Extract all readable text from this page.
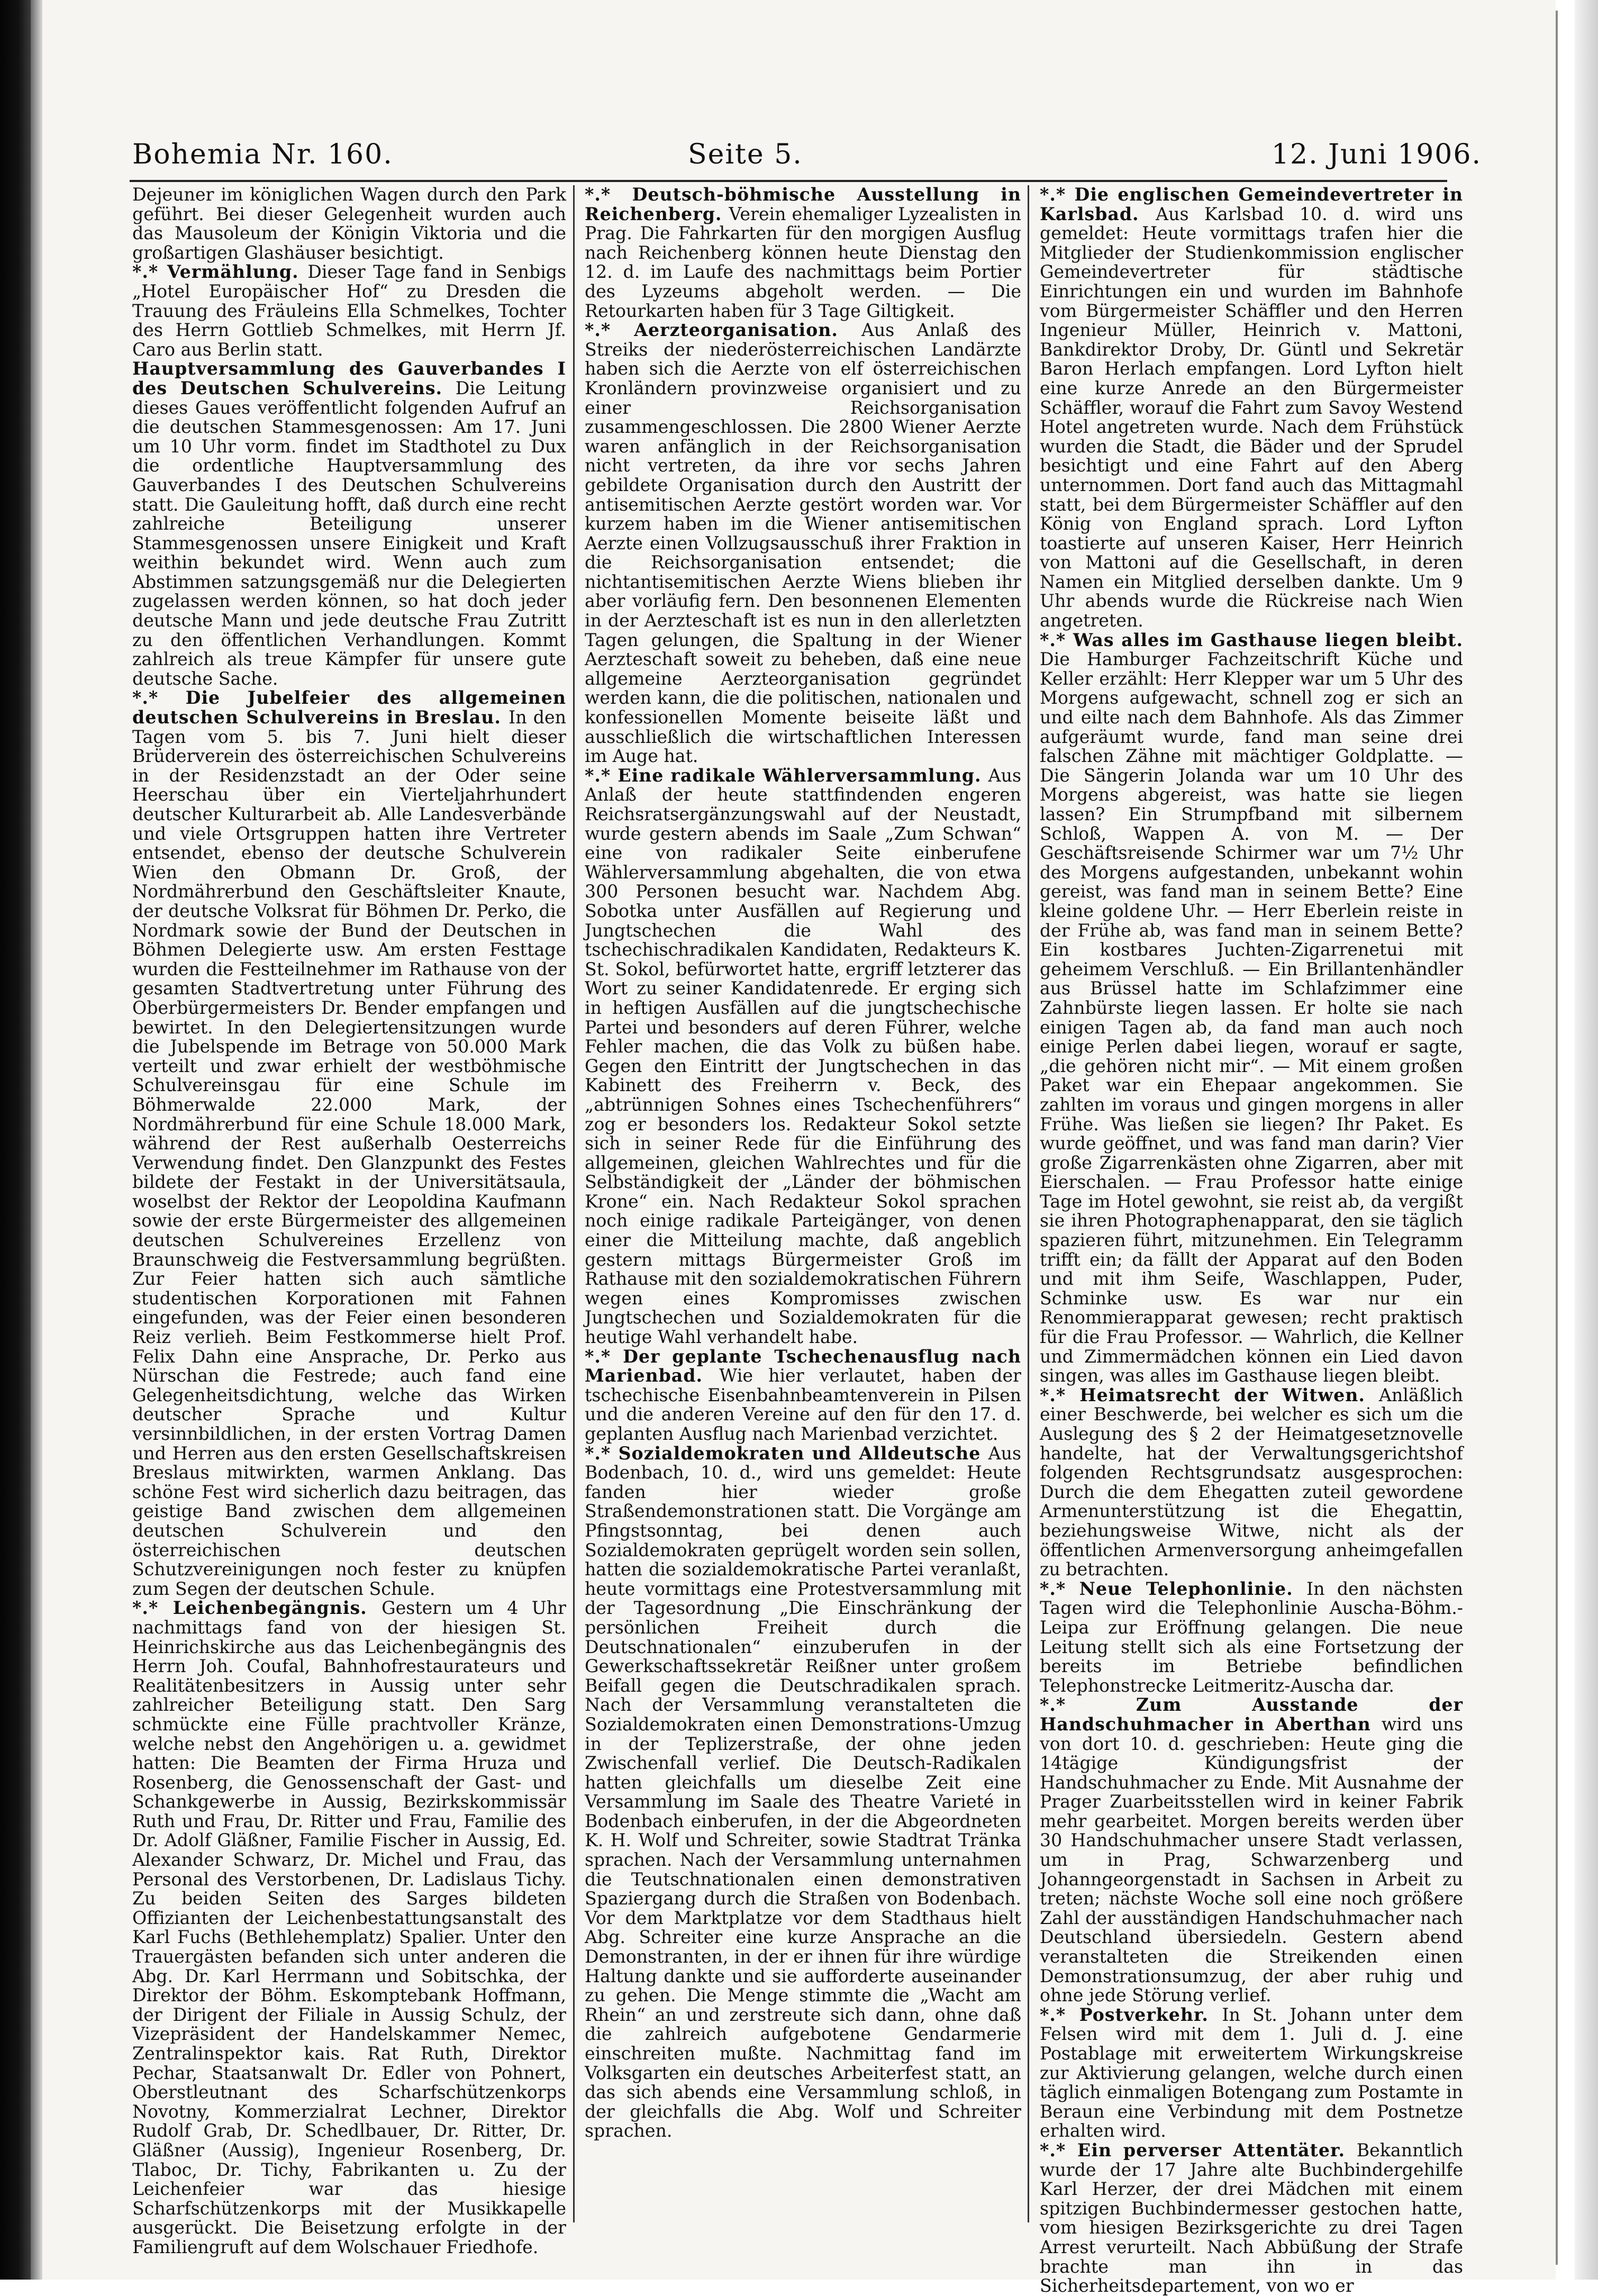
Bohemia Nr. 160.	Seite 5.	12. Juni 1906.

Dejeuner im königlichen Wagen durch den Park geführt. Bei dieser Gelegenheit wurden auch das Mausoleum der Königin Viktoria und die großartigen Glashäuser besichtigt.

*.* Vermählung. Dieser Tage fand in Senbigs „Hotel Europäischer Hof“ zu Dresden die Trauung des Fräuleins Ella Schmelkes, Tochter des Herrn Gottlieb Schmelkes, mit Herrn Jf. Caro aus Berlin statt.

Hauptversammlung des Gauverbandes I des Deutschen Schulvereins. Die Leitung dieses Gaues veröffentlicht folgenden Aufruf an die deutschen Stammesgenossen: Am 17. Juni um 10 Uhr vorm. findet im Stadthotel zu Dux die ordentliche Hauptversammlung des Gauverbandes I des Deutschen Schulvereins statt. Die Gauleitung hofft, daß durch eine recht zahlreiche Beteiligung unserer Stammesgenossen unsere Einigkeit und Kraft weithin bekundet wird. Wenn auch zum Abstimmen satzungsgemäß nur die Delegierten zugelassen werden können, so hat doch jeder deutsche Mann und jede deutsche Frau Zutritt zu den öffentlichen Verhandlungen. Kommt zahlreich als treue Kämpfer für unsere gute deutsche Sache.

*.* Die Jubelfeier des allgemeinen deutschen Schulvereins in Breslau. In den Tagen vom 5. bis 7. Juni hielt dieser Brüderverein des österreichischen Schulvereins in der Residenzstadt an der Oder seine Heerschau über ein Vierteljahrhundert deutscher Kulturarbeit ab. Alle Landesverbände und viele Ortsgruppen hatten ihre Vertreter entsendet, ebenso der deutsche Schulverein Wien den Obmann Dr. Groß, der Nordmährerbund den Geschäftsleiter Knaute, der deutsche Volksrat für Böhmen Dr. Perko, die Nordmark sowie der Bund der Deutschen in Böhmen Delegierte usw. Am ersten Festtage wurden die Festteilnehmer im Rathause von der gesamten Stadtvertretung unter Führung des Oberbürgermeisters Dr. Bender empfangen und bewirtet. In den Delegiertensitzungen wurde die Jubelspende im Betrage von 50.000 Mark verteilt und zwar erhielt der westböhmische Schulvereinsgau für eine Schule im Böhmerwalde 22.000 Mark, der Nordmährerbund für eine Schule 18.000 Mark, während der Rest außerhalb Oesterreichs Verwendung findet. Den Glanzpunkt des Festes bildete der Festakt in der Universitätsaula, woselbst der Rektor der Leopoldina Kaufmann sowie der erste Bürgermeister des allgemeinen deutschen Schulvereines Erzellenz von Braunschweig die Festversammlung begrüßten. Zur Feier hatten sich auch sämtliche studentischen Korporationen mit Fahnen eingefunden, was der Feier einen besonderen Reiz verlieh. Beim Festkommerse hielt Prof. Felix Dahn eine Ansprache, Dr. Perko aus Nürschan die Festrede; auch fand eine Gelegenheitsdichtung, welche das Wirken deutscher Sprache und Kultur versinnbildlichen, in der ersten Vortrag Damen und Herren aus den ersten Gesellschaftskreisen Breslaus mitwirkten, warmen Anklang. Das schöne Fest wird sicherlich dazu beitragen, das geistige Band zwischen dem allgemeinen deutschen Schulverein und den österreichischen deutschen Schutzvereinigungen noch fester zu knüpfen zum Segen der deutschen Schule.

*.* Leichenbegängnis. Gestern um 4 Uhr nachmittags fand von der hiesigen St. Heinrichskirche aus das Leichenbegängnis des Herrn Joh. Coufal, Bahnhofrestaurateurs und Realitätenbesitzers in Aussig unter sehr zahlreicher Beteiligung statt. Den Sarg schmückte eine Fülle prachtvoller Kränze, welche nebst den Angehörigen u. a. gewidmet hatten: Die Beamten der Firma Hruza und Rosenberg, die Genossenschaft der Gast- und Schankgewerbe in Aussig, Bezirkskommissär Ruth und Frau, Dr. Ritter und Frau, Familie des Dr. Adolf Gläßner, Familie Fischer in Aussig, Ed. Alexander Schwarz, Dr. Michel und Frau, das Personal des Verstorbenen, Dr. Ladislaus Tichy. Zu beiden Seiten des Sarges bildeten Offizianten der Leichenbestattungsanstalt des Karl Fuchs (Bethlehemplatz) Spalier. Unter den Trauergästen befanden sich unter anderen die Abg. Dr. Karl Herrmann und Sobitschka, der Direktor der Böhm. Eskomptebank Hoffmann, der Dirigent der Filiale in Aussig Schulz, der Vizepräsident der Handelskammer Nemec, Zentralinspektor kais. Rat Ruth, Direktor Pechar, Staatsanwalt Dr. Edler von Pohnert, Oberstleutnant des Scharfschützenkorps Novotny, Kommerzialrat Lechner, Direktor Rudolf Grab, Dr. Schedlbauer, Dr. Ritter, Dr. Gläßner (Aussig), Ingenieur Rosenberg, Dr. Tlaboc, Dr. Tichy, Fabrikanten u. Zu der Leichenfeier war das hiesige Scharfschützenkorps mit der Musikkapelle ausgerückt. Die Beisetzung erfolgte in der Familiengruft auf dem Wolschauer Friedhofe.

*.* Deutsch-böhmische Ausstellung in Reichenberg. Verein ehemaliger Lyzealisten in Prag. Die Fahrkarten für den morgigen Ausflug nach Reichenberg können heute Dienstag den 12. d. im Laufe des nachmittags beim Portier des Lyzeums abgeholt werden. — Die Retourkarten haben für 3 Tage Giltigkeit.

*.* Aerzteorganisation. Aus Anlaß des Streiks der niederösterreichischen Landärzte haben sich die Aerzte von elf österreichischen Kronländern provinzweise organisiert und zu einer Reichsorganisation zusammengeschlossen. Die 2800 Wiener Aerzte waren anfänglich in der Reichsorganisation nicht vertreten, da ihre vor sechs Jahren gebildete Organisation durch den Austritt der antisemitischen Aerzte gestört worden war. Vor kurzem haben im die Wiener antisemitischen Aerzte einen Vollzugsausschuß ihrer Fraktion in die Reichsorganisation entsendet; die nichtantisemitischen Aerzte Wiens blieben ihr aber vorläufig fern. Den besonnenen Elementen in der Aerzteschaft ist es nun in den allerletzten Tagen gelungen, die Spaltung in der Wiener Aerzteschaft soweit zu beheben, daß eine neue allgemeine Aerzteorganisation gegründet werden kann, die die politischen, nationalen und konfessionellen Momente beiseite läßt und ausschließlich die wirtschaftlichen Interessen im Auge hat.

*.* Eine radikale Wählerversammlung. Aus Anlaß der heute stattfindenden engeren Reichsratsergänzungswahl auf der Neustadt, wurde gestern abends im Saale „Zum Schwan“ eine von radikaler Seite einberufene Wählerversammlung abgehalten, die von etwa 300 Personen besucht war. Nachdem Abg. Sobotka unter Ausfällen auf Regierung und Jungtschechen die Wahl des tschechischradikalen Kandidaten, Redakteurs K. St. Sokol, befürwortet hatte, ergriff letzterer das Wort zu seiner Kandidatenrede. Er erging sich in heftigen Ausfällen auf die jungtschechische Partei und besonders auf deren Führer, welche Fehler machen, die das Volk zu büßen habe. Gegen den Eintritt der Jungtschechen in das Kabinett des Freiherrn v. Beck, des „abtrünnigen Sohnes eines Tschechenführers“ zog er besonders los. Redakteur Sokol setzte sich in seiner Rede für die Einführung des allgemeinen, gleichen Wahlrechtes und für die Selbständigkeit der „Länder der böhmischen Krone“ ein. Nach Redakteur Sokol sprachen noch einige radikale Parteigänger, von denen einer die Mitteilung machte, daß angeblich gestern mittags Bürgermeister Groß im Rathause mit den sozialdemokratischen Führern wegen eines Kompromisses zwischen Jungtschechen und Sozialdemokraten für die heutige Wahl verhandelt habe.

*.* Der geplante Tschechenausflug nach Marienbad. Wie hier verlautet, haben der tschechische Eisenbahnbeamtenverein in Pilsen und die anderen Vereine auf den für den 17. d. geplanten Ausflug nach Marienbad verzichtet.

*.* Sozialdemokraten und Alldeutsche Aus Bodenbach, 10. d., wird uns gemeldet: Heute fanden hier wieder große Straßendemonstrationen statt. Die Vorgänge am Pfingstsonntag, bei denen auch Sozialdemokraten geprügelt worden sein sollen, hatten die sozialdemokratische Partei veranlaßt, heute vormittags eine Protestversammlung mit der Tagesordnung „Die Einschränkung der persönlichen Freiheit durch die Deutschnationalen“ einzuberufen in der Gewerkschaftssekretär Reißner unter großem Beifall gegen die Deutschradikalen sprach. Nach der Versammlung veranstalteten die Sozialdemokraten einen Demonstrations-Umzug in der Teplizerstraße, der ohne jeden Zwischenfall verlief. Die Deutsch-Radikalen hatten gleichfalls um dieselbe Zeit eine Versammlung im Saale des Theatre Varieté in Bodenbach einberufen, in der die Abgeordneten K. H. Wolf und Schreiter, sowie Stadtrat Tränka sprachen. Nach der Versammlung unternahmen die Teutschnationalen einen demonstrativen Spaziergang durch die Straßen von Bodenbach. Vor dem Marktplatze vor dem Stadthaus hielt Abg. Schreiter eine kurze Ansprache an die Demonstranten, in der er ihnen für ihre würdige Haltung dankte und sie aufforderte auseinander zu gehen. Die Menge stimmte die „Wacht am Rhein“ an und zerstreute sich dann, ohne daß die zahlreich aufgebotene Gendarmerie einschreiten mußte. Nachmittag fand im Volksgarten ein deutsches Arbeiterfest statt, an das sich abends eine Versammlung schloß, in der gleichfalls die Abg. Wolf und Schreiter sprachen.

*.* Die englischen Gemeindevertreter in Karlsbad. Aus Karlsbad 10. d. wird uns gemeldet: Heute vormittags trafen hier die Mitglieder der Studienkommission englischer Gemeindevertreter für städtische Einrichtungen ein und wurden im Bahnhofe vom Bürgermeister Schäffler und den Herren Ingenieur Müller, Heinrich v. Mattoni, Bankdirektor Droby, Dr. Güntl und Sekretär Baron Herlach empfangen. Lord Lyfton hielt eine kurze Anrede an den Bürgermeister Schäffler, worauf die Fahrt zum Savoy Westend Hotel angetreten wurde. Nach dem Frühstück wurden die Stadt, die Bäder und der Sprudel besichtigt und eine Fahrt auf den Aberg unternommen. Dort fand auch das Mittagmahl statt, bei dem Bürgermeister Schäffler auf den König von England sprach. Lord Lyfton toastierte auf unseren Kaiser, Herr Heinrich von Mattoni auf die Gesellschaft, in deren Namen ein Mitglied derselben dankte. Um 9 Uhr abends wurde die Rückreise nach Wien angetreten.

*.* Was alles im Gasthause liegen bleibt. Die Hamburger Fachzeitschrift Küche und Keller erzählt: Herr Klepper war um 5 Uhr des Morgens aufgewacht, schnell zog er sich an und eilte nach dem Bahnhofe. Als das Zimmer aufgeräumt wurde, fand man seine drei falschen Zähne mit mächtiger Goldplatte. — Die Sängerin Jolanda war um 10 Uhr des Morgens abgereist, was hatte sie liegen lassen? Ein Strumpfband mit silbernem Schloß, Wappen A. von M. — Der Geschäftsreisende Schirmer war um 7½ Uhr des Morgens aufgestanden, unbekannt wohin gereist, was fand man in seinem Bette? Eine kleine goldene Uhr. — Herr Eberlein reiste in der Frühe ab, was fand man in seinem Bette? Ein kostbares Juchten-Zigarrenetui mit geheimem Verschluß. — Ein Brillantenhändler aus Brüssel hatte im Schlafzimmer eine Zahnbürste liegen lassen. Er holte sie nach einigen Tagen ab, da fand man auch noch einige Perlen dabei liegen, worauf er sagte, „die gehören nicht mir“. — Mit einem großen Paket war ein Ehepaar angekommen. Sie zahlten im voraus und gingen morgens in aller Frühe. Was ließen sie liegen? Ihr Paket. Es wurde geöffnet, und was fand man darin? Vier große Zigarrenkästen ohne Zigarren, aber mit Eierschalen. — Frau Professor hatte einige Tage im Hotel gewohnt, sie reist ab, da vergißt sie ihren Photographenapparat, den sie täglich spazieren führt, mitzunehmen. Ein Telegramm trifft ein; da fällt der Apparat auf den Boden und mit ihm Seife, Waschlappen, Puder, Schminke usw. Es war nur ein Renommierapparat gewesen; recht praktisch für die Frau Professor. — Wahrlich, die Kellner und Zimmermädchen können ein Lied davon singen, was alles im Gasthause liegen bleibt.

*.* Heimatsrecht der Witwen. Anläßlich einer Beschwerde, bei welcher es sich um die Auslegung des § 2 der Heimatgesetznovelle handelte, hat der Verwaltungsgerichtshof folgenden Rechtsgrundsatz ausgesprochen: Durch die dem Ehegatten zuteil gewordene Armenunterstützung ist die Ehegattin, beziehungsweise Witwe, nicht als der öffentlichen Armenversorgung anheimgefallen zu betrachten.

*.* Neue Telephonlinie. In den nächsten Tagen wird die Telephonlinie Auscha-Böhm.-Leipa zur Eröffnung gelangen. Die neue Leitung stellt sich als eine Fortsetzung der bereits im Betriebe befindlichen Telephonstrecke Leitmeritz-Auscha dar.

*.* Zum Ausstande der Handschuhmacher in Aberthan wird uns von dort 10. d. geschrieben: Heute ging die 14tägige Kündigungsfrist der Handschuhmacher zu Ende. Mit Ausnahme der Prager Zuarbeitsstellen wird in keiner Fabrik mehr gearbeitet. Morgen bereits werden über 30 Handschuhmacher unsere Stadt verlassen, um in Prag, Schwarzenberg und Johanngeorgenstadt in Sachsen in Arbeit zu treten; nächste Woche soll eine noch größere Zahl der ausständigen Handschuhmacher nach Deutschland übersiedeln. Gestern abend veranstalteten die Streikenden einen Demonstrationsumzug, der aber ruhig und ohne jede Störung verlief.

*.* Postverkehr. In St. Johann unter dem Felsen wird mit dem 1. Juli d. J. eine Postablage mit erweitertem Wirkungskreise zur Aktivierung gelangen, welche durch einen täglich einmaligen Botengang zum Postamte in Beraun eine Verbindung mit dem Postnetze erhalten wird.

*.* Ein perverser Attentäter. Bekanntlich wurde der 17 Jahre alte Buchbindergehilfe Karl Herzer, der drei Mädchen mit einem spitzigen Buchbindermesser gestochen hatte, vom hiesigen Bezirksgerichte zu drei Tagen Arrest verurteilt. Nach Abbüßung der Strafe brachte man ihn in das Sicherheitsdepartement, von wo er
